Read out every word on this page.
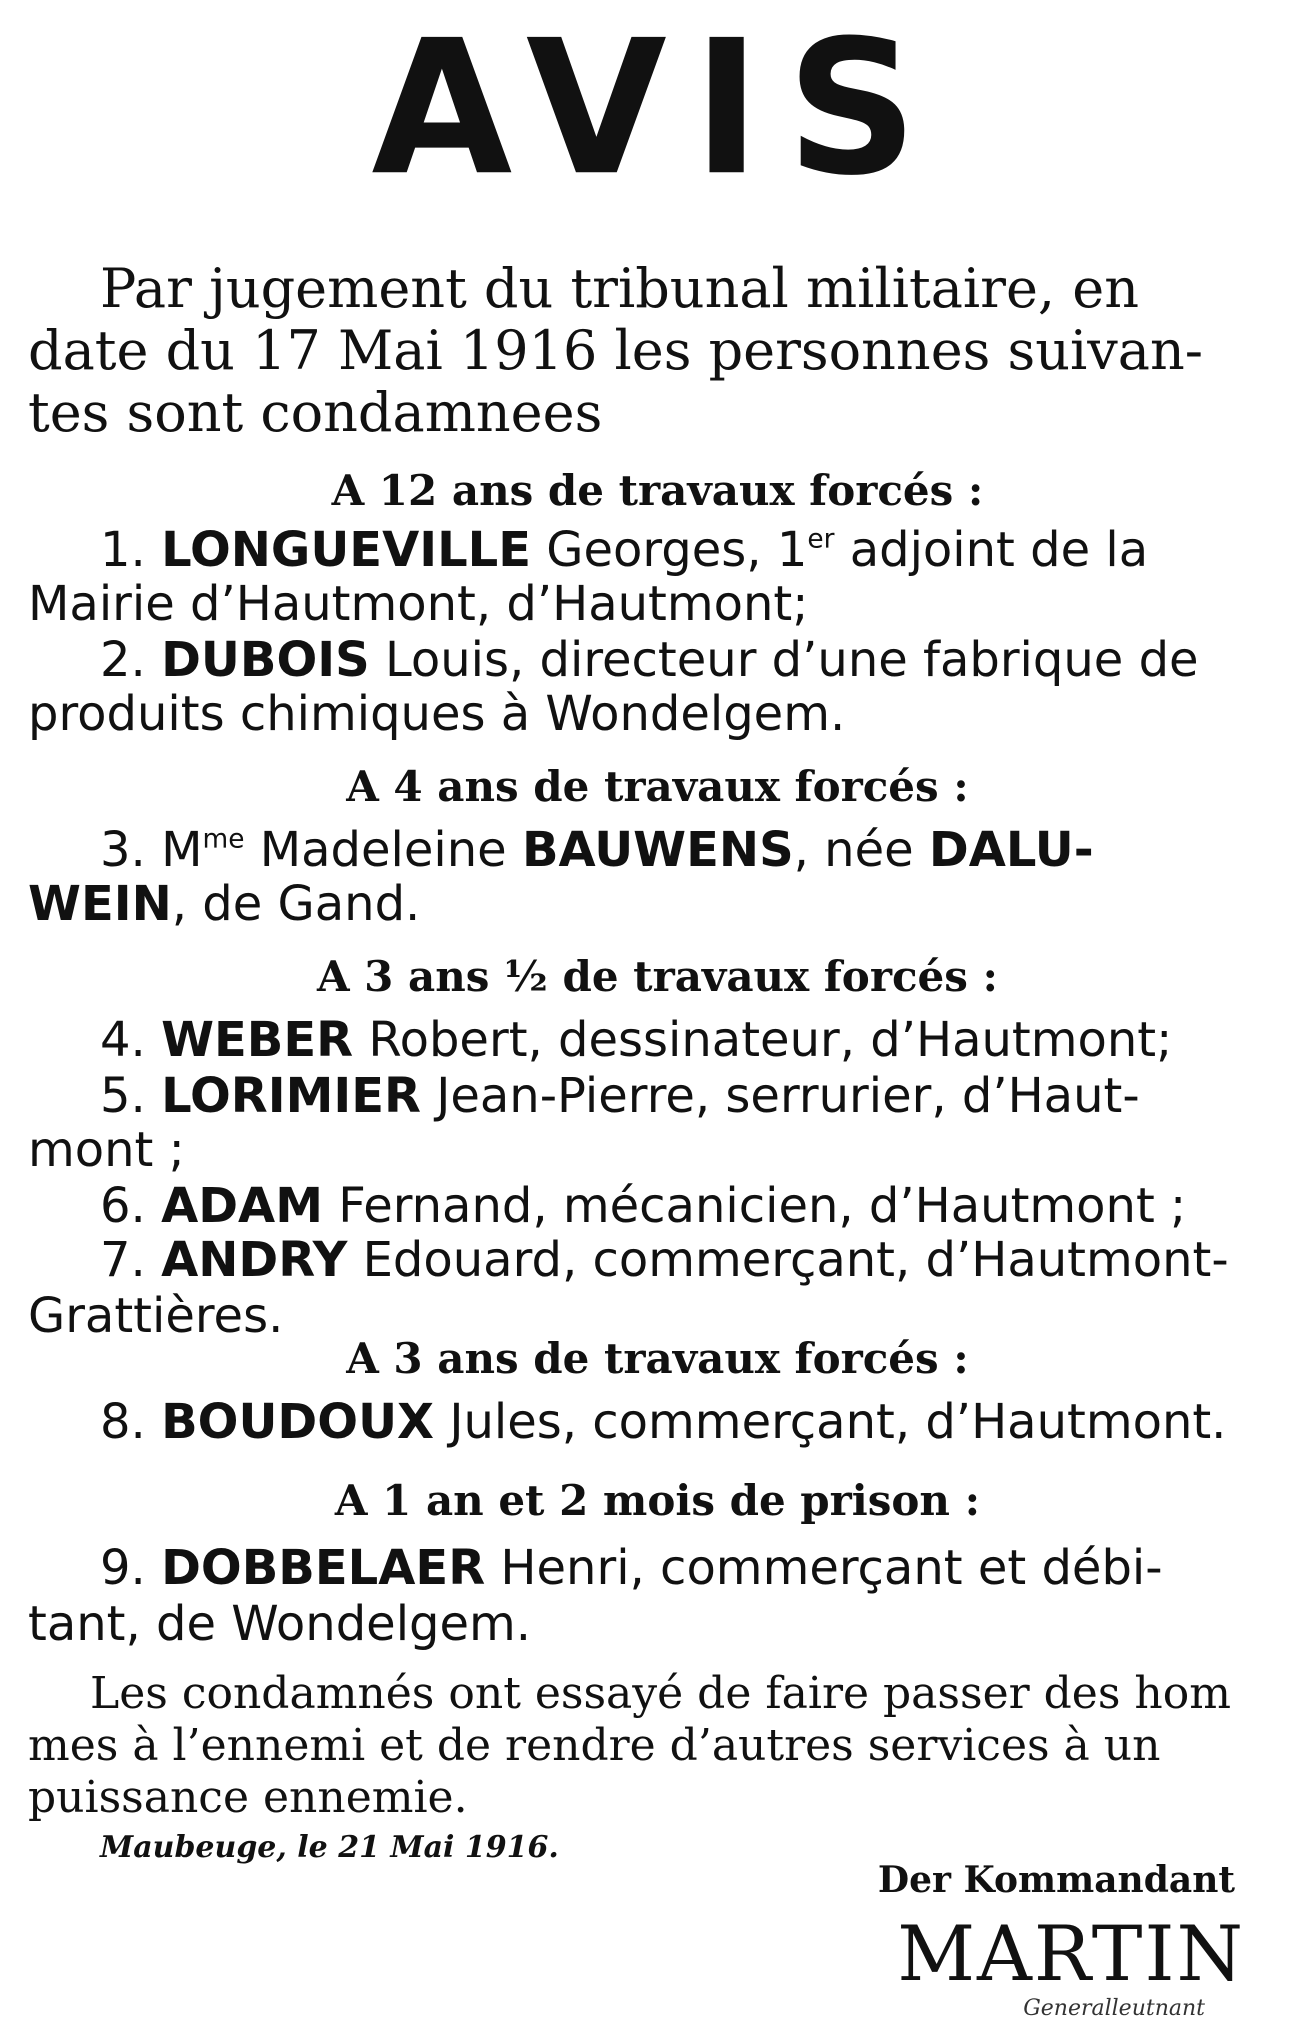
AVIS
Par jugement du tribunal militaire, en
date du 17 Mai 1916 les personnes suivan-
tes sont condamnees
A 12 ans de travaux forcés :
1. LONGUEVILLE Georges, 1er adjoint de la
Mairie d’Hautmont, d’Hautmont;
2. DUBOIS Louis, directeur d’une fabrique de
produits chimiques à Wondelgem.
A 4 ans de travaux forcés :
3. $M^{me}$ Madeleine BAUWENS, née DALU-
WEIN, de Gand.
A 3 ans ½ de travaux forcés :
4. WEBER Robert, dessinateur, d’Hautmont;
5. LORIMIER Jean-Pierre, serrurier, d’Haut-
mont ;
6. ADAM Fernand, mécanicien, d’Hautmont ;
7. ANDRY Edouard, commerçant, d’Hautmont-
Grattières.
A 3 ans de travaux forcés :
8. BOUDOUX Jules, commerçant, d’Hautmont.
A 1 an et 2 mois de prison :
9. DOBBELAER Henri, commerçant et débi-
tant, de Wondelgem.
Les condamnés ont essayé de faire passer des hom
mes à l’ennemi et de rendre d’autres services à un
puissance ennemie.
Maubeuge, le 21 Mai 1916.
Der Kommandant
MARTIN
Generalleutnant
